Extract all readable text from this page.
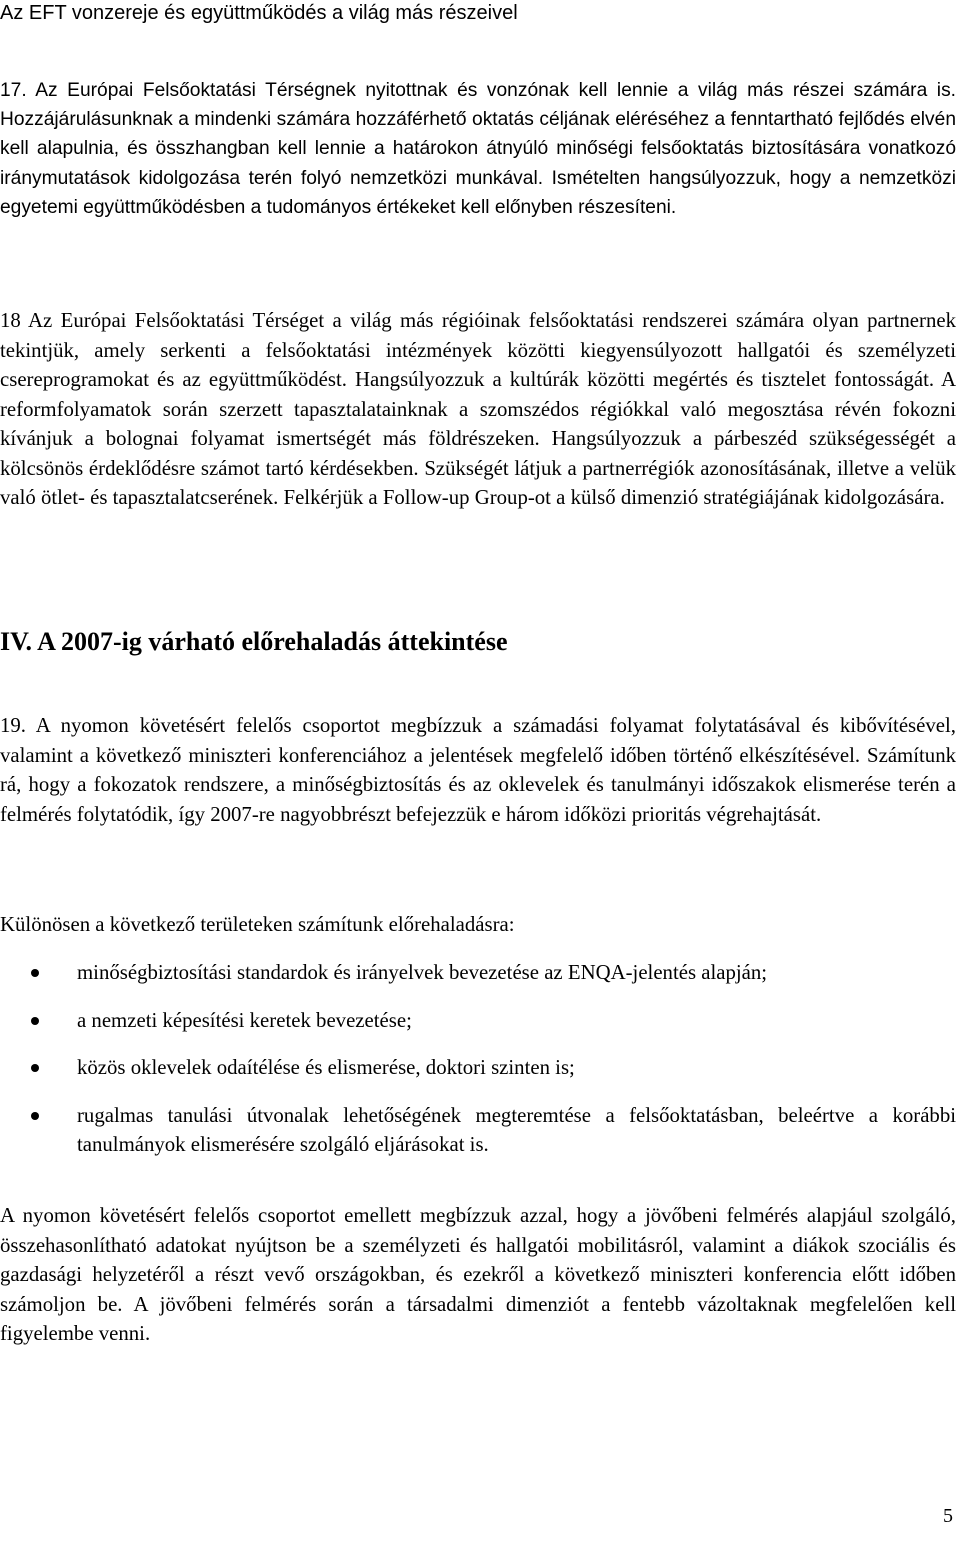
Az EFT vonzereje és együttműködés a világ más részeivel

17. Az Európai Felsőoktatási Térségnek nyitottnak és vonzónak kell lennie a világ más részei számára is. Hozzájárulásunknak a mindenki számára hozzáférhető oktatás céljának eléréséhez a fenntartható fejlődés elvén kell alapulnia, és összhangban kell lennie a határokon átnyúló minőségi felsőoktatás biztosítására vonatkozó iránymutatások kidolgozása terén folyó nemzetközi munkával. Ismételten hangsúlyozzuk, hogy a nemzetközi egyetemi együttműködésben a tudományos értékeket kell előnyben részesíteni.

18 Az Európai Felsőoktatási Térséget a világ más régióinak felsőoktatási rendszerei számára olyan partnernek tekintjük, amely serkenti a felsőoktatási intézmények közötti kiegyensúlyozott hallgatói és személyzeti csereprogramokat és az együttműködést. Hangsúlyozzuk a kultúrák közötti megértés és tisztelet fontosságát. A reformfolyamatok során szerzett tapasztalatainknak a szomszédos régiókkal való megosztása révén fokozni kívánjuk a bolognai folyamat ismertségét más földrészeken. Hangsúlyozzuk a párbeszéd szükségességét a kölcsönös érdeklődésre számot tartó kérdésekben. Szükségét látjuk a partnerrégiók azonosításának, illetve a velük való ötlet- és tapasztalatcserének. Felkérjük a Follow-up Group-ot a külső dimenzió stratégiájának kidolgozására.

IV. A 2007-ig várható előrehaladás áttekintése

19. A nyomon követésért felelős csoportot megbízzuk a számadási folyamat folytatásával és kibővítésével, valamint a következő miniszteri konferenciához a jelentések megfelelő időben történő elkészítésével. Számítunk rá, hogy a fokozatok rendszere, a minőségbiztosítás és az oklevelek és tanulmányi időszakok elismerése terén a felmérés folytatódik, így 2007-re nagyobbrészt befejezzük e három időközi prioritás végrehajtását.

Különösen a következő területeken számítunk előrehaladásra:

minőségbiztosítási standardok és irányelvek bevezetése az ENQA-jelentés alapján;
a nemzeti képesítési keretek bevezetése;
közös oklevelek odaítélése és elismerése, doktori szinten is;
rugalmas tanulási útvonalak lehetőségének megteremtése a felsőoktatásban, beleértve a korábbi tanulmányok elismerésére szolgáló eljárásokat is.

A nyomon követésért felelős csoportot emellett megbízzuk azzal, hogy a jövőbeni felmérés alapjául szolgáló, összehasonlítható adatokat nyújtson be a személyzeti és hallgatói mobilitásról, valamint a diákok szociális és gazdasági helyzetéről a részt vevő országokban, és ezekről a következő miniszteri konferencia előtt időben számoljon be. A jövőbeni felmérés során a társadalmi dimenziót a fentebb vázoltaknak megfelelően kell figyelembe venni.

5
